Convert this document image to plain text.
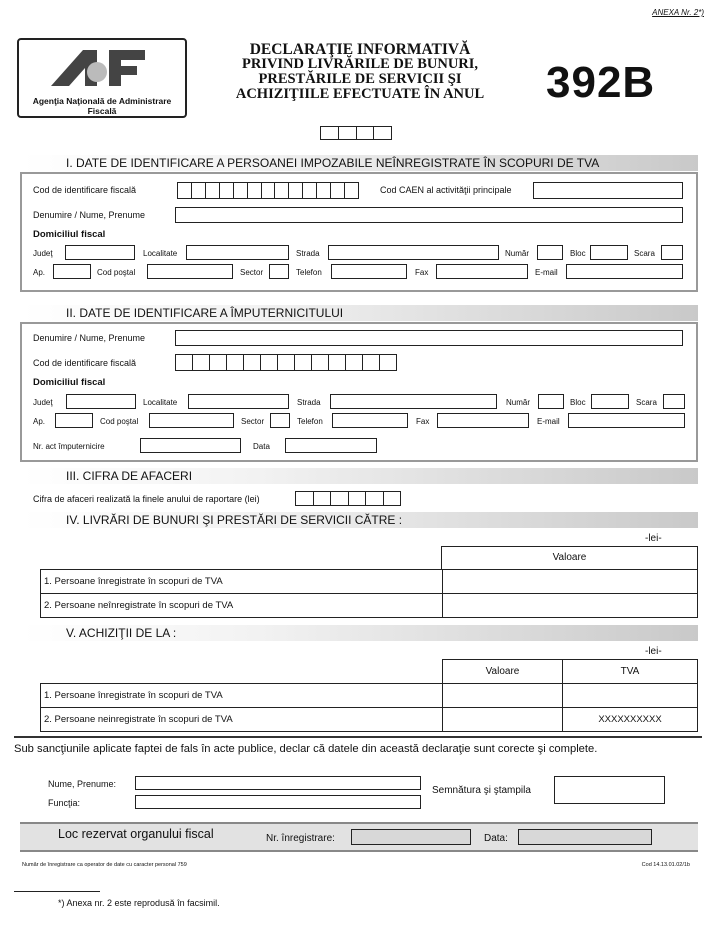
ANEXA Nr. 2*)
Agenţia Naţională de Administrare
Fiscală
DECLARAŢIE INFORMATIVĂ
PRIVIND LIVRĂRILE DE BUNURI,
PRESTĂRILE DE SERVICII ŞI
ACHIZIŢIILE EFECTUATE ÎN ANUL	392B
I. DATE DE IDENTIFICARE A PERSOANEI IMPOZABILE NEÎNREGISTRATE ÎN SCOPURI DE TVA
Cod de identificare fiscală	Cod CAEN al activităţii principale
Denumire / Nume, Prenume
Domiciliul fiscal
Judeţ	Localitate	Strada	Număr	Bloc	Scara
Ap.	Cod poştal	Sector	Telefon	Fax	E-mail
II. DATE DE IDENTIFICARE A ÎMPUTERNICITULUI
Denumire / Nume, Prenume
Cod de identificare fiscală
Domiciliul fiscal
Judeţ	Localitate	Strada	Număr	Bloc	Scara
Ap.	Cod poştal	Sector	Telefon	Fax	E-mail
Nr. act împuternicire	Data
III. CIFRA DE AFACERI
Cifra de afaceri realizată la finele anului de raportare (lei)
IV. LIVRĂRI DE BUNURI ŞI PRESTĂRI DE SERVICII CĂTRE :
-lei-
Valoare
1. Persoane înregistrate în scopuri de TVA	
2. Persoane neînregistrate în scopuri de TVA	
V. ACHIZIŢII DE LA :
-lei-
	Valoare	TVA
1. Persoane înregistrate în scopuri de TVA		
2. Persoane neinregistrate în scopuri de TVA		XXXXXXXXXX
Sub sancţiunile aplicate faptei de fals în acte publice, declar că datele din această declaraţie sunt corecte şi complete.
Nume, Prenume:
Funcţia:
Semnătura şi ştampila
Loc rezervat organului fiscal	Nr. înregistrare:	Data:
Număr de înregistrare ca operator de date cu caracter personal 759	Cod 14.13.01.02/1b
*) Anexa nr. 2 este reprodusă în facsimil.
